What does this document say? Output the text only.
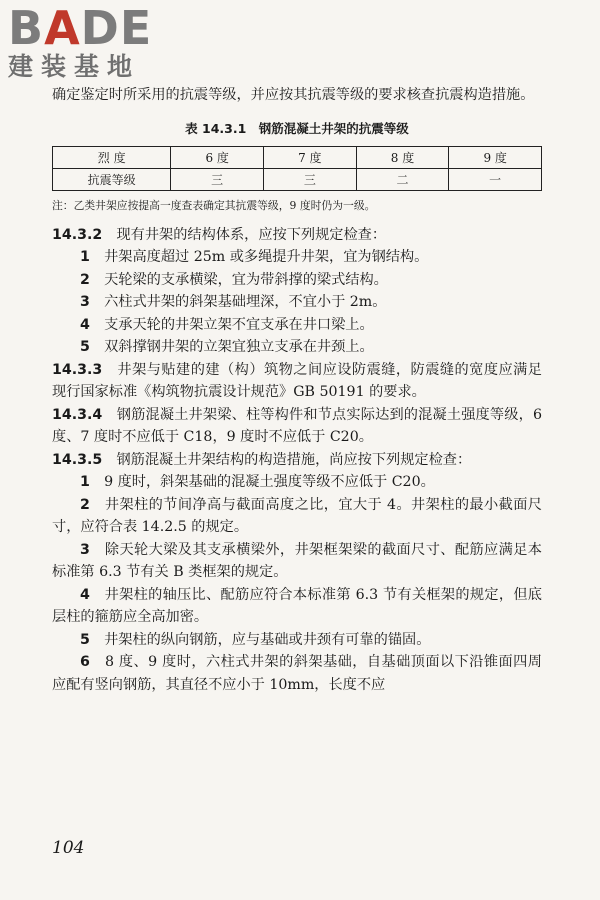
BADE
建装基地

确定鉴定时所采用的抗震等级，并应按其抗震等级的要求核查抗震构造措施。

表 14.3.1　钢筋混凝土井架的抗震等级
烈 度	6 度	7 度	8 度	9 度
抗震等级	三	三	二	一

注：乙类井架应按提高一度查表确定其抗震等级，9 度时仍为一级。

14.3.2　 现有井架的结构体系，应按下列规定检查：

1　 井架高度超过 25m 或多绳提升井架，宜为钢结构。

2　 天轮梁的支承横梁，宜为带斜撑的梁式结构。

3　 六柱式井架的斜架基础埋深，不宜小于 2m。

4　 支承天轮的井架立架不宜支承在井口梁上。

5　 双斜撑钢井架的立架宜独立支承在井颈上。

14.3.3　 井架与贴建的建（构）筑物之间应设防震缝，防震缝的宽度应满足现行国家标准《构筑物抗震设计规范》GB 50191 的要求。

14.3.4　 钢筋混凝土井架梁、柱等构件和节点实际达到的混凝土强度等级，6 度、7 度时不应低于 C18，9 度时不应低于 C20。

14.3.5　 钢筋混凝土井架结构的构造措施，尚应按下列规定检查：

1　 9 度时，斜架基础的混凝土强度等级不应低于 C20。

2　 井架柱的节间净高与截面高度之比，宜大于 4。井架柱的最小截面尺寸，应符合表 14.2.5 的规定。

3　 除天轮大梁及其支承横梁外，井架框架梁的截面尺寸、配筋应满足本标准第 6.3 节有关 B 类框架的规定。

4　 井架柱的轴压比、配筋应符合本标准第 6.3 节有关框架的规定，但底层柱的箍筋应全高加密。

5　 井架柱的纵向钢筋，应与基础或井颈有可靠的锚固。

6　 8 度、9 度时，六柱式井架的斜架基础，自基础顶面以下沿锥面四周应配有竖向钢筋，其直径不应小于 10mm，长度不应

104
